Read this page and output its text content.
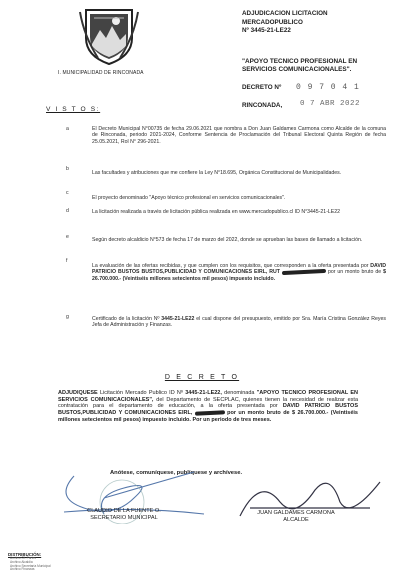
I. MUNICIPALIDAD DE RINCONADA
ADJUDICACION LICITACION
MERCADOPUBLICO
Nº 3445-21-LE22
"APOYO TECNICO PROFESIONAL EN SERVICIOS COMUNICACIONALES".
DECRETO Nº 0 9 7 0 4 1
RINCONADA, 0 7 ABR 2022
V I S T O S:
a	El Decreto Municipal N°00735 de fecha 29.06.2021 que nombra a Don Juan Galdames Carmona como Alcalde de la comuna de Rinconada, periodo 2021-2024, Conforme Sentencia de Proclamación del Tribunal Electoral Quinta Región de fecha 25.05.2021, Rol N° 296-2021.
b
Las facultades y atribuciones que me confiere la Ley N°18.695, Orgánica Constitucional de Municipalidades.
c
El proyecto denominado "Apoyo técnico profesional en servicios comunicacionales".
d	La licitación realizada a través de licitación pública realizada en www.mercadopublico.cl ID N°3445-21-LE22
e	Según decreto alcaldicio N°573 de fecha 17 de marzo del 2022, donde se aprueban las bases de llamado a licitación.
f
La evaluación de las ofertas recibidas, y que cumplen con los requisitos, que corresponden a la oferta presentada por DAVID PATRICIO BUSTOS BUSTOS,PUBLICIDAD Y COMUNICACIONES EIRL, RUT	por un monto bruto de $ 26.700.000.- (Veintiséis millones setecientos mil pesos) impuesto incluido.
g	Certificado de la licitación Nº 3445-21-LE22 el cual dispone del presupuesto, emitido por Sra. María Cristina González Reyes Jefa de Administración y Finanzas.
D E C R E T O
ADJUDIQUESE Licitación Mercado Publico ID Nº 3445-21-LE22, denominada "APOYO TECNICO PROFESIONAL EN SERVICIOS COMUNICACIONALES", del Departamento de SECPLAC, quienes tienen la necesidad de realizar esta contratación para el departamento de educación, a la oferta presentada por DAVID PATRICIO BUSTOS BUSTOS,PUBLICIDAD Y COMUNICACIONES EIRL,	por un monto bruto de $ 26.700.000.- (Veintiséis millones setecientos mil pesos) impuesto incluido. Por un periodo de tres meses.
Anótese, comuníquese, publíquese y archívese.
CLAUDIO DE LA FUENTE O.
SECRETARIO MUNICIPAL
JUAN GALDAMES CARMONA
ALCALDE
DISTRIBUCIÓN:
Archivo Of. Partes
Archivo Alcaldía
Archivo Secretaría Municipal
Archivo Finanzas
